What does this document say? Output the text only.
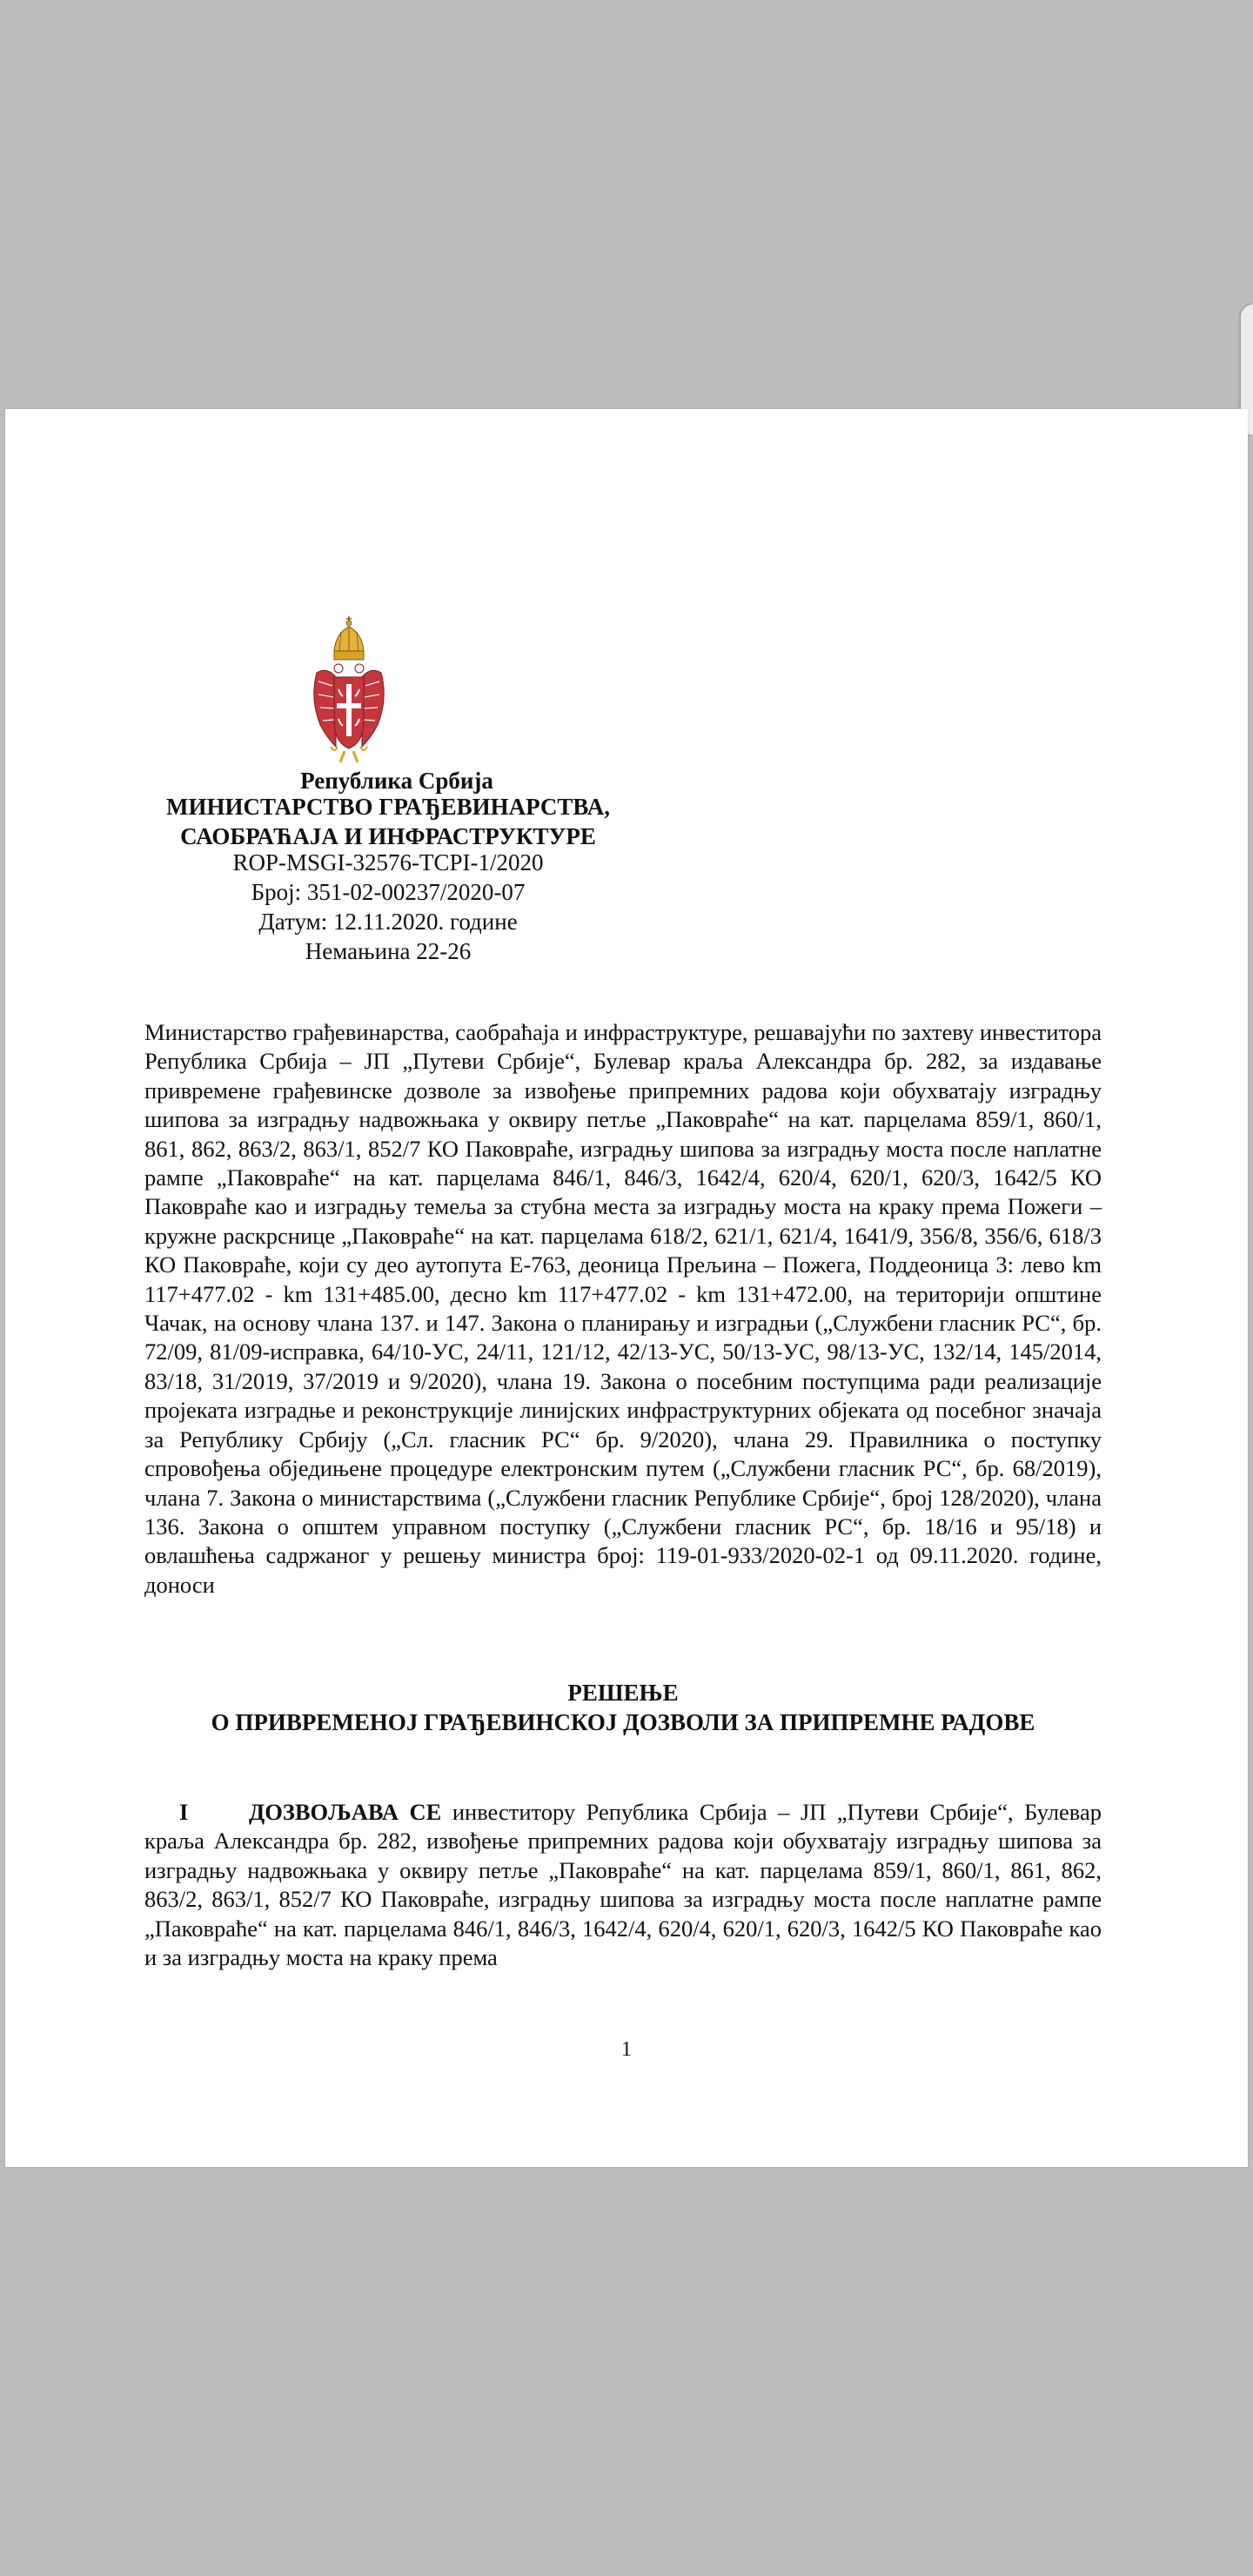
Република Србија
МИНИСТАРСТВО ГРАЂЕВИНАРСТВА,
САОБРАЋАЈА И ИНФРАСТРУКТУРЕ
ROP-MSGI-32576-TCPI-1/2020
Број: 351-02-00237/2020-07
Датум: 12.11.2020. године
Немањина 22-26

Министарство грађевинарства, саобраћаја и инфраструктуре, решавајући по захтеву инвеститора Република Србија – ЈП „Путеви Србије“, Булевар краља Александра бр. 282, за издавање привремене грађевинске дозволе за извођење припремних радова који обухватају изградњу шипова за изградњу надвожњака у оквиру петље „Паковраће“ на кат. парцелама 859/1, 860/1, 861, 862, 863/2, 863/1, 852/7 КО Паковраће, изградњу шипова за изградњу моста после наплатне рампе „Паковраће“ на кат. парцелама 846/1, 846/3, 1642/4, 620/4, 620/1, 620/3, 1642/5 КО Паковраће као и изградњу темеља за стубна места за изградњу моста на краку према Пожеги – кружне раскрснице „Паковраће“ на кат. парцелама 618/2, 621/1, 621/4, 1641/9, 356/8, 356/6, 618/3 КО Паковраће, који су део аутопута Е-763, деоница Прељина – Пожега, Поддеоница 3: лево km 117+477.02 - km 131+485.00, десно km 117+477.02 - km 131+472.00, на територији општине Чачак, на основу члана 137. и 147. Закона о планирању и изградњи („Службени гласник РС“, бр. 72/09, 81/09-исправка, 64/10-УС, 24/11, 121/12, 42/13-УС, 50/13-УС, 98/13-УС, 132/14, 145/2014, 83/18, 31/2019, 37/2019 и 9/2020), члана 19. Закона о посебним поступцима ради реализације пројеката изградње и реконструкције линијских инфраструктурних објеката од посебног значаја за Републику Србију („Сл. гласник РС“ бр. 9/2020), члана 29. Правилника о поступку спровођења обједињене процедуре електронским путем („Службени гласник РС“, бр. 68/2019), члана 7. Закона о министарствима („Службени гласник Републике Србије“, број 128/2020), члана 136. Закона о општем управном поступку („Службени гласник РС“, бр. 18/16 и 95/18) и овлашћења садржаног у решењу министра број: 119-01-933/2020-02-1 од 09.11.2020. године, доноси

РЕШЕЊЕ
О ПРИВРЕМЕНОЈ ГРАЂЕВИНСКОЈ ДОЗВОЛИ ЗА ПРИПРЕМНЕ РАДОВЕ

I	ДОЗВОЉАВА СЕ инвеститору Република Србија – ЈП „Путеви Србије“, Булевар краља Александра бр. 282, извођење припремних радова који обухватају изградњу шипова за изградњу надвожњака у оквиру петље „Паковраће“ на кат. парцелама 859/1, 860/1, 861, 862, 863/2, 863/1, 852/7 КО Паковраће, изградњу шипова за изградњу моста после наплатне рампе „Паковраће“ на кат. парцелама 846/1, 846/3, 1642/4, 620/4, 620/1, 620/3, 1642/5 КО Паковраће као и за изградњу моста на краку према

1
